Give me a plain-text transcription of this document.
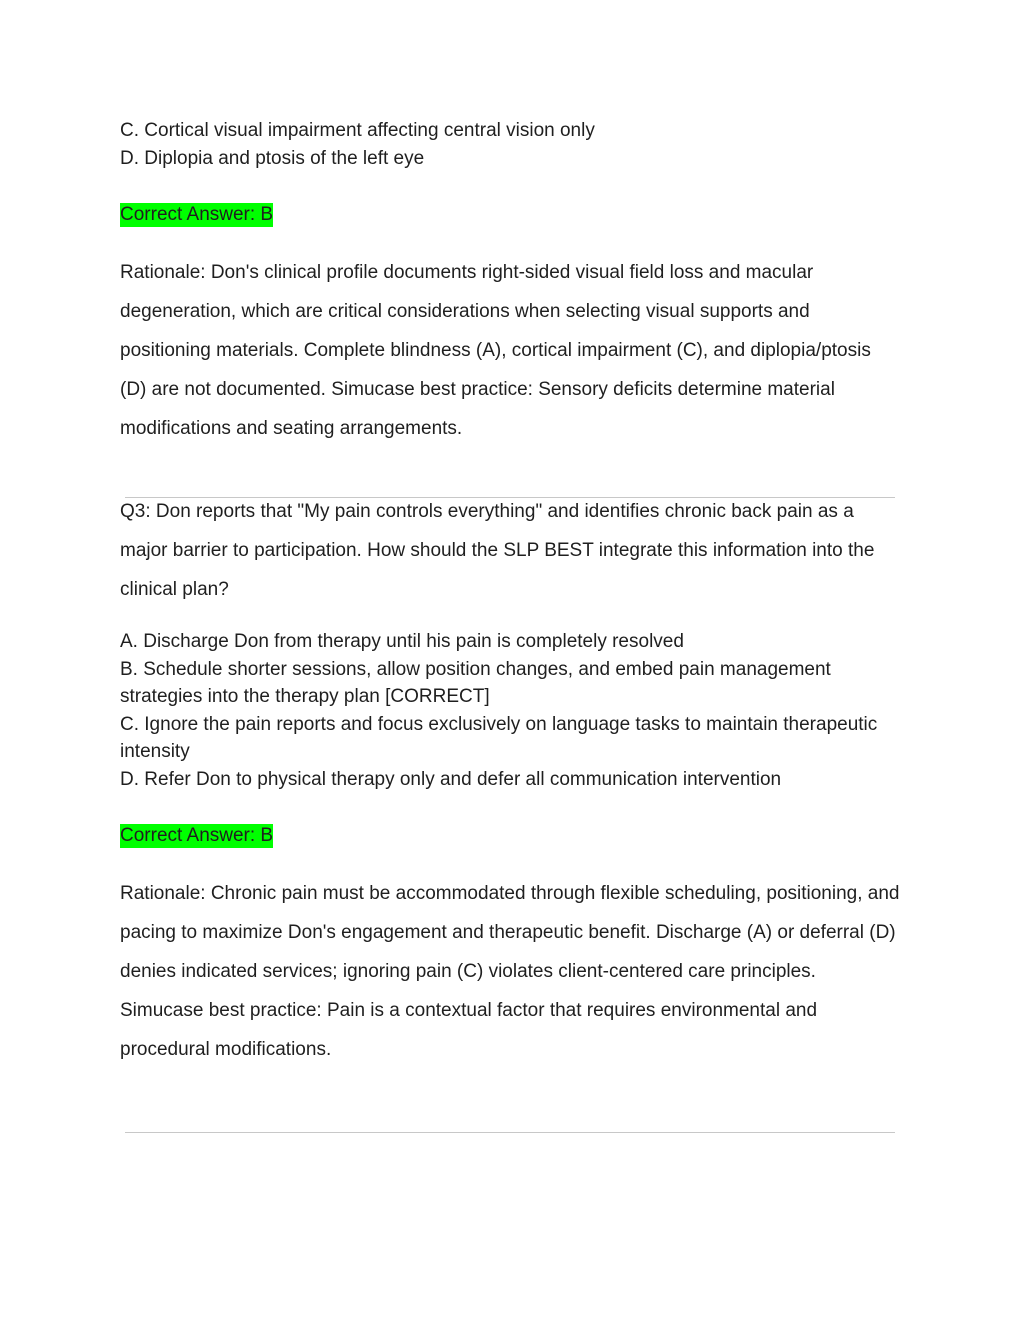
C. Cortical visual impairment affecting central vision only

D. Diplopia and ptosis of the left eye

Correct Answer: B

Rationale: Don's clinical profile documents right-sided visual field loss and macular degeneration, which are critical considerations when selecting visual supports and positioning materials. Complete blindness (A), cortical impairment (C), and diplopia/ptosis (D) are not documented. Simucase best practice: Sensory deficits determine material modifications and seating arrangements.

Q3: Don reports that "My pain controls everything" and identifies chronic back pain as a major barrier to participation. How should the SLP BEST integrate this information into the clinical plan?

A. Discharge Don from therapy until his pain is completely resolved

B. Schedule shorter sessions, allow position changes, and embed pain management strategies into the therapy plan [CORRECT]

C. Ignore the pain reports and focus exclusively on language tasks to maintain therapeutic intensity

D. Refer Don to physical therapy only and defer all communication intervention

Correct Answer: B

Rationale: Chronic pain must be accommodated through flexible scheduling, positioning, and pacing to maximize Don's engagement and therapeutic benefit. Discharge (A) or deferral (D) denies indicated services; ignoring pain (C) violates client-centered care principles. Simucase best practice: Pain is a contextual factor that requires environmental and procedural modifications.
